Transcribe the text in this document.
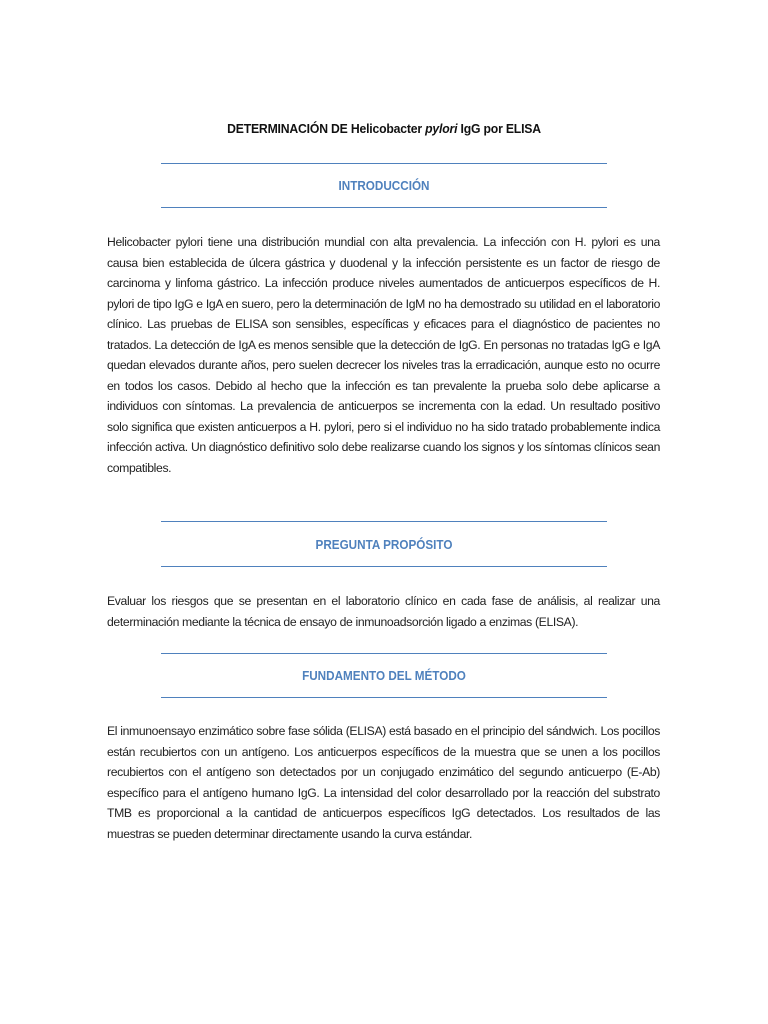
DETERMINACIÓN DE Helicobacter pylori IgG por ELISA
INTRODUCCIÓN

Helicobacter pylori tiene una distribución mundial con alta prevalencia. La infección con H. pylori es una causa bien establecida de úlcera gástrica y duodenal y la infección persistente es un factor de riesgo de carcinoma y linfoma gástrico. La infección produce niveles aumentados de anticuerpos específicos de H. pylori de tipo IgG e IgA en suero, pero la determinación de IgM no ha demostrado su utilidad en el laboratorio clínico. Las pruebas de ELISA son sensibles, específicas y eficaces para el diagnóstico de pacientes no tratados. La detección de IgA es menos sensible que la detección de IgG. En personas no tratadas IgG e IgA quedan elevados durante años, pero suelen decrecer los niveles tras la erradicación, aunque esto no ocurre en todos los casos. Debido al hecho que la infección es tan prevalente la prueba solo debe aplicarse a individuos con síntomas. La prevalencia de anticuerpos se incrementa con la edad. Un resultado positivo solo significa que existen anticuerpos a H. pylori, pero si el individuo no ha sido tratado probablemente indica infección activa. Un diagnóstico definitivo solo debe realizarse cuando los signos y los síntomas clínicos sean compatibles.

PREGUNTA PROPÓSITO

Evaluar los riesgos que se presentan en el laboratorio clínico en cada fase de análisis, al realizar una determinación mediante la técnica de ensayo de inmunoadsorción ligado a enzimas (ELISA).

FUNDAMENTO DEL MÉTODO

El inmunoensayo enzimático sobre fase sólida (ELISA) está basado en el principio del sándwich. Los pocillos están recubiertos con un antígeno. Los anticuerpos específicos de la muestra que se unen a los pocillos recubiertos con el antígeno son detectados por un conjugado enzimático del segundo anticuerpo (E-Ab) específico para el antígeno humano IgG. La intensidad del color desarrollado por la reacción del substrato TMB es proporcional a la cantidad de anticuerpos específicos IgG detectados. Los resultados de las muestras se pueden determinar directamente usando la curva estándar.
